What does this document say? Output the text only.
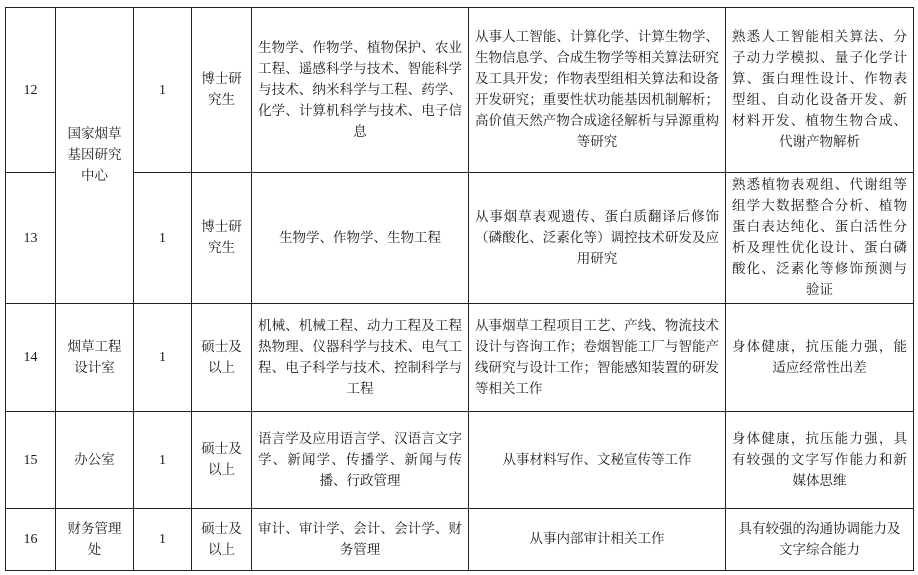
12	国家烟草基因研究中心	1	博士研究生	生物学、作物学、植物保护、农业工程、遥感科学与技术、智能科学与技术、纳米科学与工程、药学、化学、计算机科学与技术、电子信息	从事人工智能、计算化学、计算生物学、生物信息学、合成生物学等相关算法研究及工具开发；作物表型组相关算法和设备开发研究；重要性状功能基因机制解析；高价值天然产物合成途径解析与异源重构等研究	熟悉人工智能相关算法、分子动力学模拟、量子化学计算、蛋白理性设计、作物表型组、自动化设备开发、新材料开发、植物生物合成、代谢产物解析
13		1	博士研究生	生物学、作物学、生物工程	从事烟草表观遗传、蛋白质翻译后修饰（磷酸化、泛素化等）调控技术研发及应用研究	熟悉植物表观组、代谢组等组学大数据整合分析、植物蛋白表达纯化、蛋白活性分析及理性优化设计、蛋白磷酸化、泛素化等修饰预测与验证
14	烟草工程设计室	1	硕士及以上	机械、机械工程、动力工程及工程热物理、仪器科学与技术、电气工程、电子科学与技术、控制科学与工程	从事烟草工程项目工艺、产线、物流技术设计与咨询工作；卷烟智能工厂与智能产线研究与设计工作；智能感知装置的研发等相关工作	身体健康，抗压能力强，能适应经常性出差
15	办公室	1	硕士及以上	语言学及应用语言学、汉语言文字学、新闻学、传播学、新闻与传播、行政管理	从事材料写作、文秘宣传等工作	身体健康，抗压能力强，具有较强的文字写作能力和新媒体思维
16	财务管理处	1	硕士及以上	审计、审计学、会计、会计学、财务管理	从事内部审计相关工作	具有较强的沟通协调能力及文字综合能力
